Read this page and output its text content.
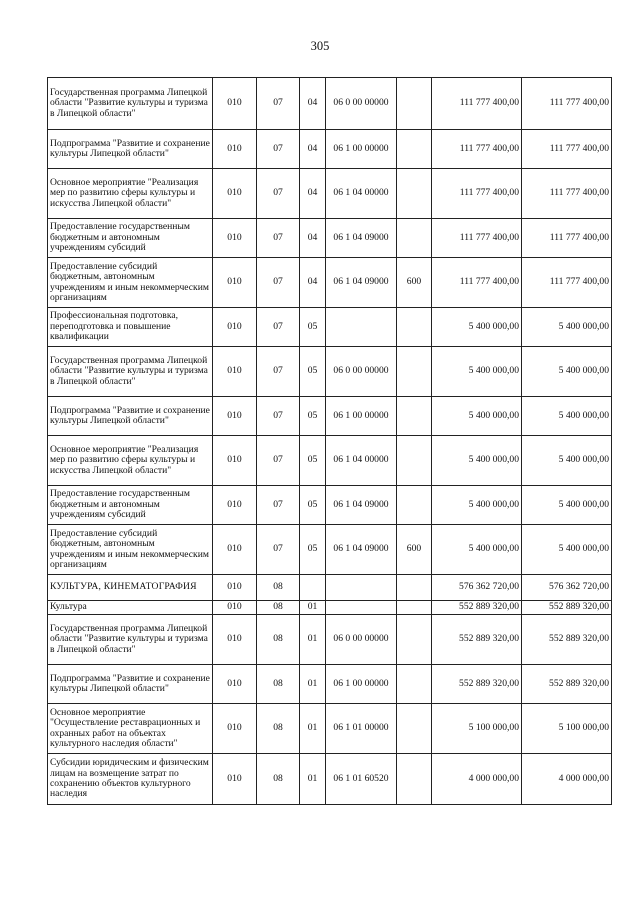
305
Государственная программа Липецкой области "Развитие культуры и туризма в Липецкой области"	010	07	04	06 0 00 00000		111 777 400,00	111 777 400,00
Подпрограмма "Развитие и сохранение культуры Липецкой области"	010	07	04	06 1 00 00000		111 777 400,00	111 777 400,00
Основное мероприятие "Реализация мер по развитию сферы культуры и искусства Липецкой области"	010	07	04	06 1 04 00000		111 777 400,00	111 777 400,00
Предоставление государственным бюджетным и автономным учреждениям субсидий	010	07	04	06 1 04 09000		111 777 400,00	111 777 400,00
Предоставление субсидий бюджетным, автономным учреждениям и иным некоммерческим организациям	010	07	04	06 1 04 09000	600	111 777 400,00	111 777 400,00
Профессиональная подготовка, переподготовка и повышение квалификации	010	07	05			5 400 000,00	5 400 000,00
Государственная программа Липецкой области "Развитие культуры и туризма в Липецкой области"	010	07	05	06 0 00 00000		5 400 000,00	5 400 000,00
Подпрограмма "Развитие и сохранение культуры Липецкой области"	010	07	05	06 1 00 00000		5 400 000,00	5 400 000,00
Основное мероприятие "Реализация мер по развитию сферы культуры и искусства Липецкой области"	010	07	05	06 1 04 00000		5 400 000,00	5 400 000,00
Предоставление государственным бюджетным и автономным учреждениям субсидий	010	07	05	06 1 04 09000		5 400 000,00	5 400 000,00
Предоставление субсидий бюджетным, автономным учреждениям и иным некоммерческим организациям	010	07	05	06 1 04 09000	600	5 400 000,00	5 400 000,00
КУЛЬТУРА, КИНЕМАТОГРАФИЯ	010	08				576 362 720,00	576 362 720,00
Культура	010	08	01			552 889 320,00	552 889 320,00
Государственная программа Липецкой области "Развитие культуры и туризма в Липецкой области"	010	08	01	06 0 00 00000		552 889 320,00	552 889 320,00
Подпрограмма "Развитие и сохранение культуры Липецкой области"	010	08	01	06 1 00 00000		552 889 320,00	552 889 320,00
Основное мероприятие "Осуществление реставрационных и охранных работ на объектах культурного наследия области"	010	08	01	06 1 01 00000		5 100 000,00	5 100 000,00
Субсидии юридическим и физическим лицам на возмещение затрат по сохранению объектов культурного наследия	010	08	01	06 1 01 60520		4 000 000,00	4 000 000,00
